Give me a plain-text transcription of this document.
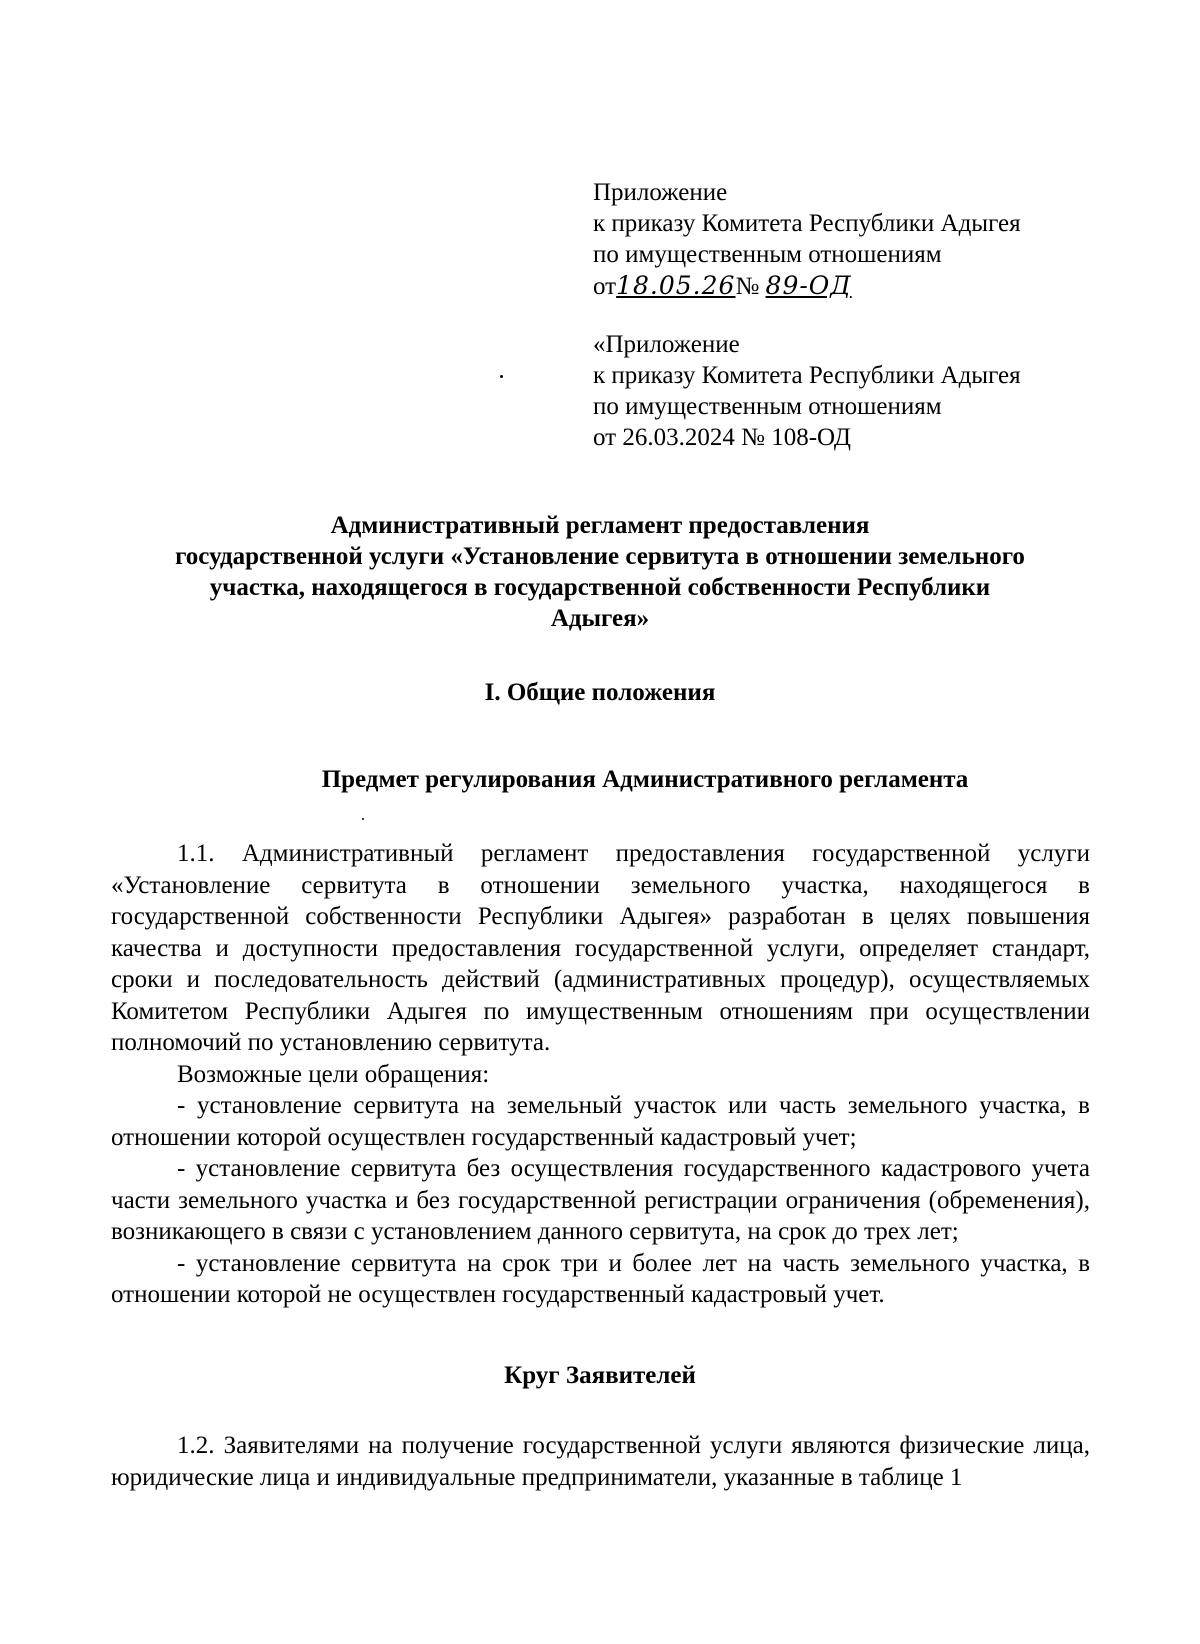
Приложение
к приказу Комитета Республики Адыгея
по имущественным отношениям
от18.05.26№ 89-ОД
«Приложение
к приказу Комитета Республики Адыгея
по имущественным отношениям
от 26.03.2024 № 108-ОД
Административный регламент предоставления
государственной услуги «Установление сервитута в отношении земельного
участка, находящегося в государственной собственности Республики
Адыгея»
I. Общие положения
Предмет регулирования Административного регламента

1.1. Административный регламент предоставления государственной услуги «Установление сервитута в отношении земельного участка, находящегося в государственной собственности Республики Адыгея» разработан в целях повышения качества и доступности предоставления государственной услуги, определяет стандарт, сроки и последовательность действий (административных процедур), осуществляемых Комитетом Республики Адыгея по имущественным отношениям при осуществлении полномочий по установлению сервитута.

Возможные цели обращения:

- установление сервитута на земельный участок или часть земельного участка, в отношении которой осуществлен государственный кадастровый учет;

- установление сервитута без осуществления государственного кадастрового учета части земельного участка и без государственной регистрации ограничения (обременения), возникающего в связи с установлением данного сервитута, на срок до трех лет;

- установление сервитута на срок три и более лет на часть земельного участка, в отношении которой не осуществлен государственный кадастровый учет.

Круг Заявителей

1.2. Заявителями на получение государственной услуги являются физические лица, юридические лица и индивидуальные предприниматели, указанные в таблице 1
